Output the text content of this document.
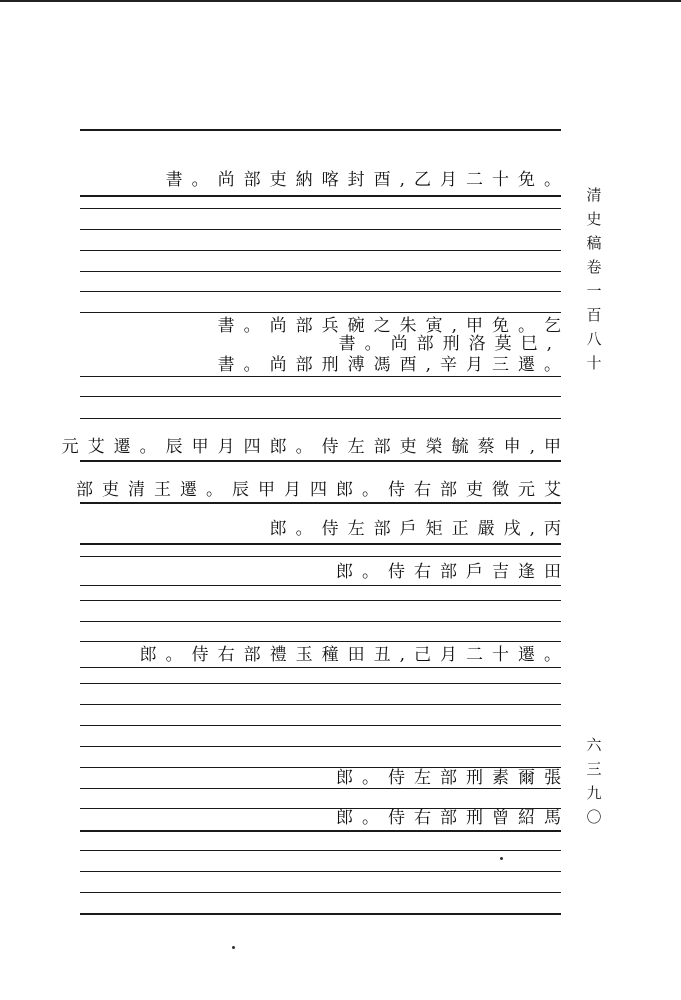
書 。 尚 部 吏 納 喀 封 酉 , 乙 月 二 十 免 。
書 。 尚 部 兵 碗 之 朱 寅 , 甲 免 。 乞
書 。 尚 部 刑 洛 莫 巳 ,
書 。 尚 部 刑 溥 馮 酉 , 辛 月 三 遷 。
元 艾 遷 。 辰 甲 月 四 郎 。 侍 左 部 吏 榮 毓 蔡 申 , 甲
部 吏 清 王 遷 。 辰 甲 月 四 郎 。 侍 右 部 吏 徵 元 艾
郎 。 侍 左 部 戶 矩 正 嚴 戌 , 丙
郎 。 侍 右 部 戶 吉 逢 田
郎 。 侍 右 部 禮 玉 穜 田 丑 , 己 月 二 十 遷 。
郎 。 侍 左 部 刑 素 爾 張
郎 。 侍 右 部 刑 曾 紹 馬
清
史
稿
卷
一
百
八
十
六
三
九
〇
